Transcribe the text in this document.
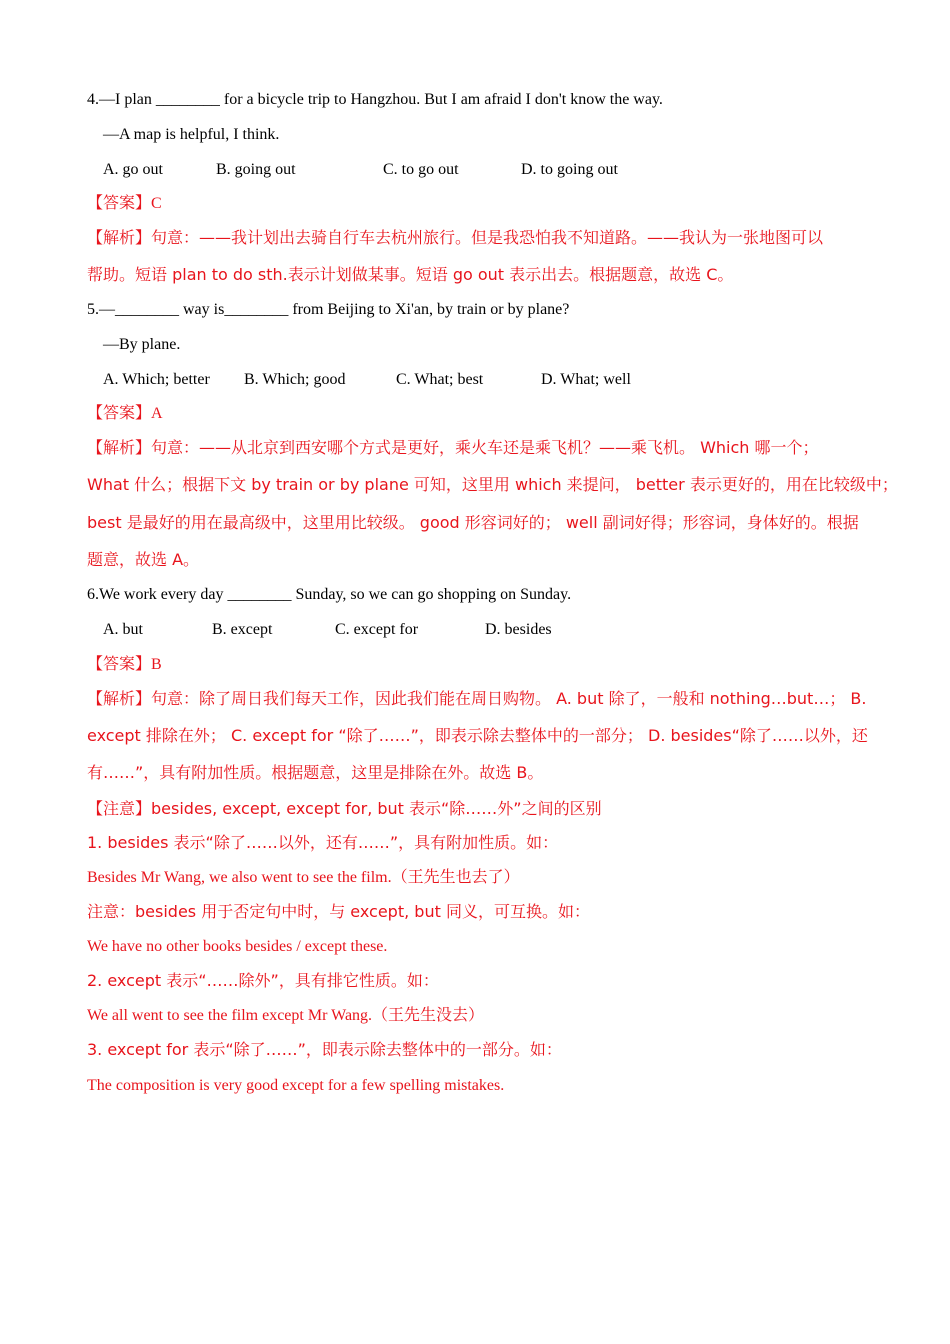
4.—I plan ________ for a bicycle trip to Hangzhou. But I am afraid I don't know the way.
—A map is helpful, I think.
A. go out	B. going out	C. to go out	D. to going out
【答案】C
【解析】句意：——我计划出去骑自行车去杭州旅行。但是我恐怕我不知道路。——我认为一张地图可以
帮助。短语 plan to do sth.表示计划做某事。短语 go out 表示出去。根据题意，故选 C。
5.—________ way is________ from Beijing to Xi'an, by train or by plane?
—By plane.
A. Which; better B. Which; good	C. What; best	D. What; well
【答案】A
【解析】句意：——从北京到西安哪个方式是更好，乘火车还是乘飞机？——乘飞机。 Which 哪一个；
What 什么；根据下文 by train or by plane 可知，这里用 which 来提问， better 表示更好的，用在比较级中；
best 是最好的用在最高级中，这里用比较级。 good 形容词好的； well 副词好得；形容词，身体好的。根据
题意，故选 A。
6.We work every day ________ Sunday, so we can go shopping on Sunday.
A. but	B. except	C. except for	D. besides
【答案】B
【解析】句意：除了周日我们每天工作，因此我们能在周日购物。 A. but 除了，一般和 nothing…but…； B.
except 排除在外； C. except for “除了……”，即表示除去整体中的一部分； D. besides“除了……以外，还
有……”，具有附加性质。根据题意，这里是排除在外。故选 B。
【注意】besides, except, except for, but 表示“除……外”之间的区别
1. besides 表示“除了……以外，还有……”，具有附加性质。如：
Besides Mr Wang, we also went to see the film.（王先生也去了）
注意：besides 用于否定句中时，与 except, but 同义，可互换。如：
We have no other books besides / except these.
2. except 表示“……除外”，具有排它性质。如：
We all went to see the film except Mr Wang.（王先生没去）
3. except for 表示“除了……”，即表示除去整体中的一部分。如：
The composition is very good except for a few spelling mistakes.
